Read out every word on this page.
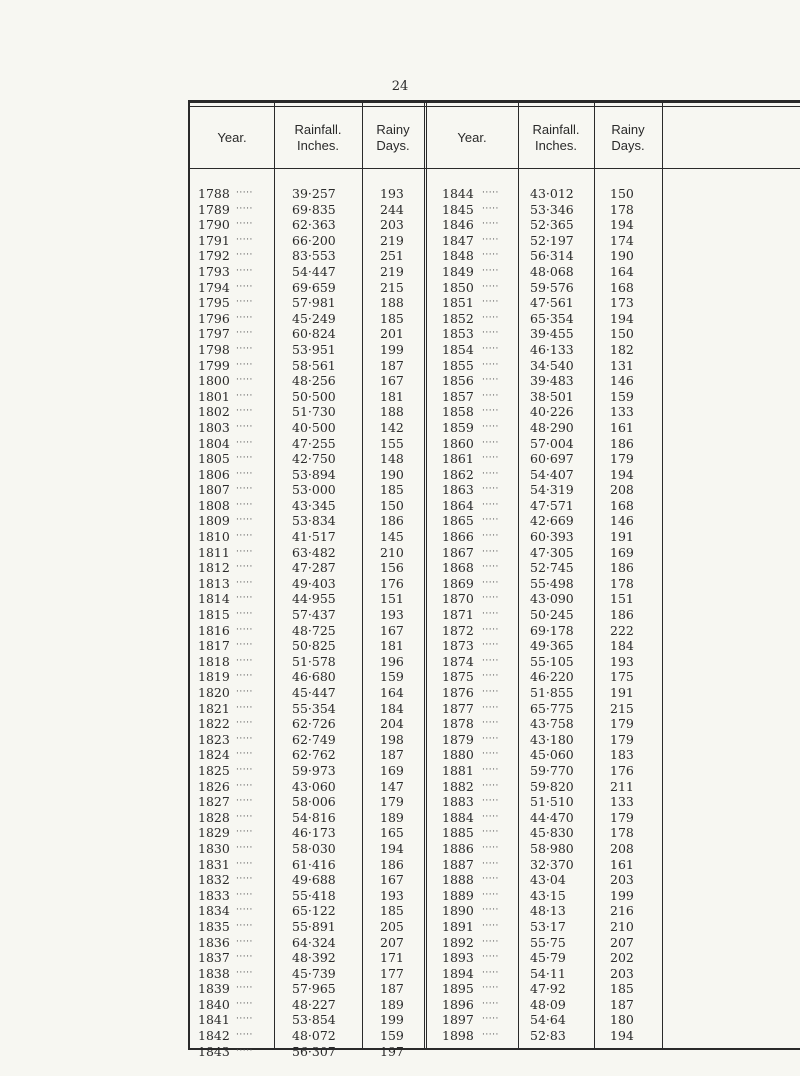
24
Year.
Rainfall.
Inches.
Rainy
Days.
Year.
Rainfall.
Inches.
Rainy
Days.
1788 ·····	39·257	193	1844 ····· 43·012	150
1789 ·····	69·835	244	1845 ····· 53·346	178
1790 ·····	62·363	203	1846 ····· 52·365	194
1791 ·····	66·200	219	1847 ····· 52·197	174
1792 ·····	83·553	251	1848 ····· 56·314	190
1793 ·····	54·447	219	1849 ····· 48·068	164
1794 ·····	69·659	215	1850 ····· 59·576	168
1795 ·····	57·981	188	1851 ····· 47·561	173
1796 ·····	45·249	185	1852 ····· 65·354	194
1797 ·····	60·824	201	1853 ····· 39·455	150
1798 ·····	53·951	199	1854 ····· 46·133	182
1799 ·····	58·561	187	1855 ····· 34·540	131
1800 ·····	48·256	167	1856 ····· 39·483	146
1801 ·····	50·500	181	1857 ····· 38·501	159
1802 ·····	51·730	188	1858 ····· 40·226	133
1803 ·····	40·500	142	1859 ····· 48·290	161
1804 ·····	47·255	155	1860 ····· 57·004	186
1805 ·····	42·750	148	1861 ····· 60·697	179
1806 ·····	53·894	190	1862 ····· 54·407	194
1807 ·····	53·000	185	1863 ····· 54·319	208
1808 ·····	43·345	150	1864 ····· 47·571	168
1809 ·····	53·834	186	1865 ····· 42·669	146
1810 ·····	41·517	145	1866 ····· 60·393	191
1811 ·····	63·482	210	1867 ····· 47·305	169
1812 ·····	47·287	156	1868 ····· 52·745	186
1813 ·····	49·403	176	1869 ····· 55·498	178
1814 ·····	44·955	151	1870 ····· 43·090	151
1815 ·····	57·437	193	1871 ····· 50·245	186
1816 ·····	48·725	167	1872 ····· 69·178	222
1817 ·····	50·825	181	1873 ····· 49·365	184
1818 ·····	51·578	196	1874 ····· 55·105	193
1819 ·····	46·680	159	1875 ····· 46·220	175
1820 ·····	45·447	164	1876 ····· 51·855	191
1821 ·····	55·354	184	1877 ····· 65·775	215
1822 ·····	62·726	204	1878 ····· 43·758	179
1823 ·····	62·749	198	1879 ····· 43·180	179
1824 ·····	62·762	187	1880 ····· 45·060	183
1825 ·····	59·973	169	1881 ····· 59·770	176
1826 ·····	43·060	147	1882 ····· 59·820	211
1827 ·····	58·006	179	1883 ····· 51·510	133
1828 ·····	54·816	189	1884 ····· 44·470	179
1829 ·····	46·173	165	1885 ····· 45·830	178
1830 ·····	58·030	194	1886 ····· 58·980	208
1831 ·····	61·416	186	1887 ····· 32·370	161
1832 ·····	49·688	167	1888 ····· 43·04	203
1833 ·····	55·418	193	1889 ····· 43·15	199
1834 ·····	65·122	185	1890 ····· 48·13	216
1835 ·····	55·891	205	1891 ····· 53·17	210
1836 ·····	64·324	207	1892 ····· 55·75	207
1837 ·····	48·392	171	1893 ····· 45·79	202
1838 ·····	45·739	177	1894 ····· 54·11	203
1839 ·····	57·965	187	1895 ····· 47·92	185
1840 ·····	48·227	189	1896 ····· 48·09	187
1841 ·····	53·854	199	1897 ····· 54·64	180
1842 ·····	48·072	159	1898 ····· 52·83	194
1843 ·····	56·307	197
